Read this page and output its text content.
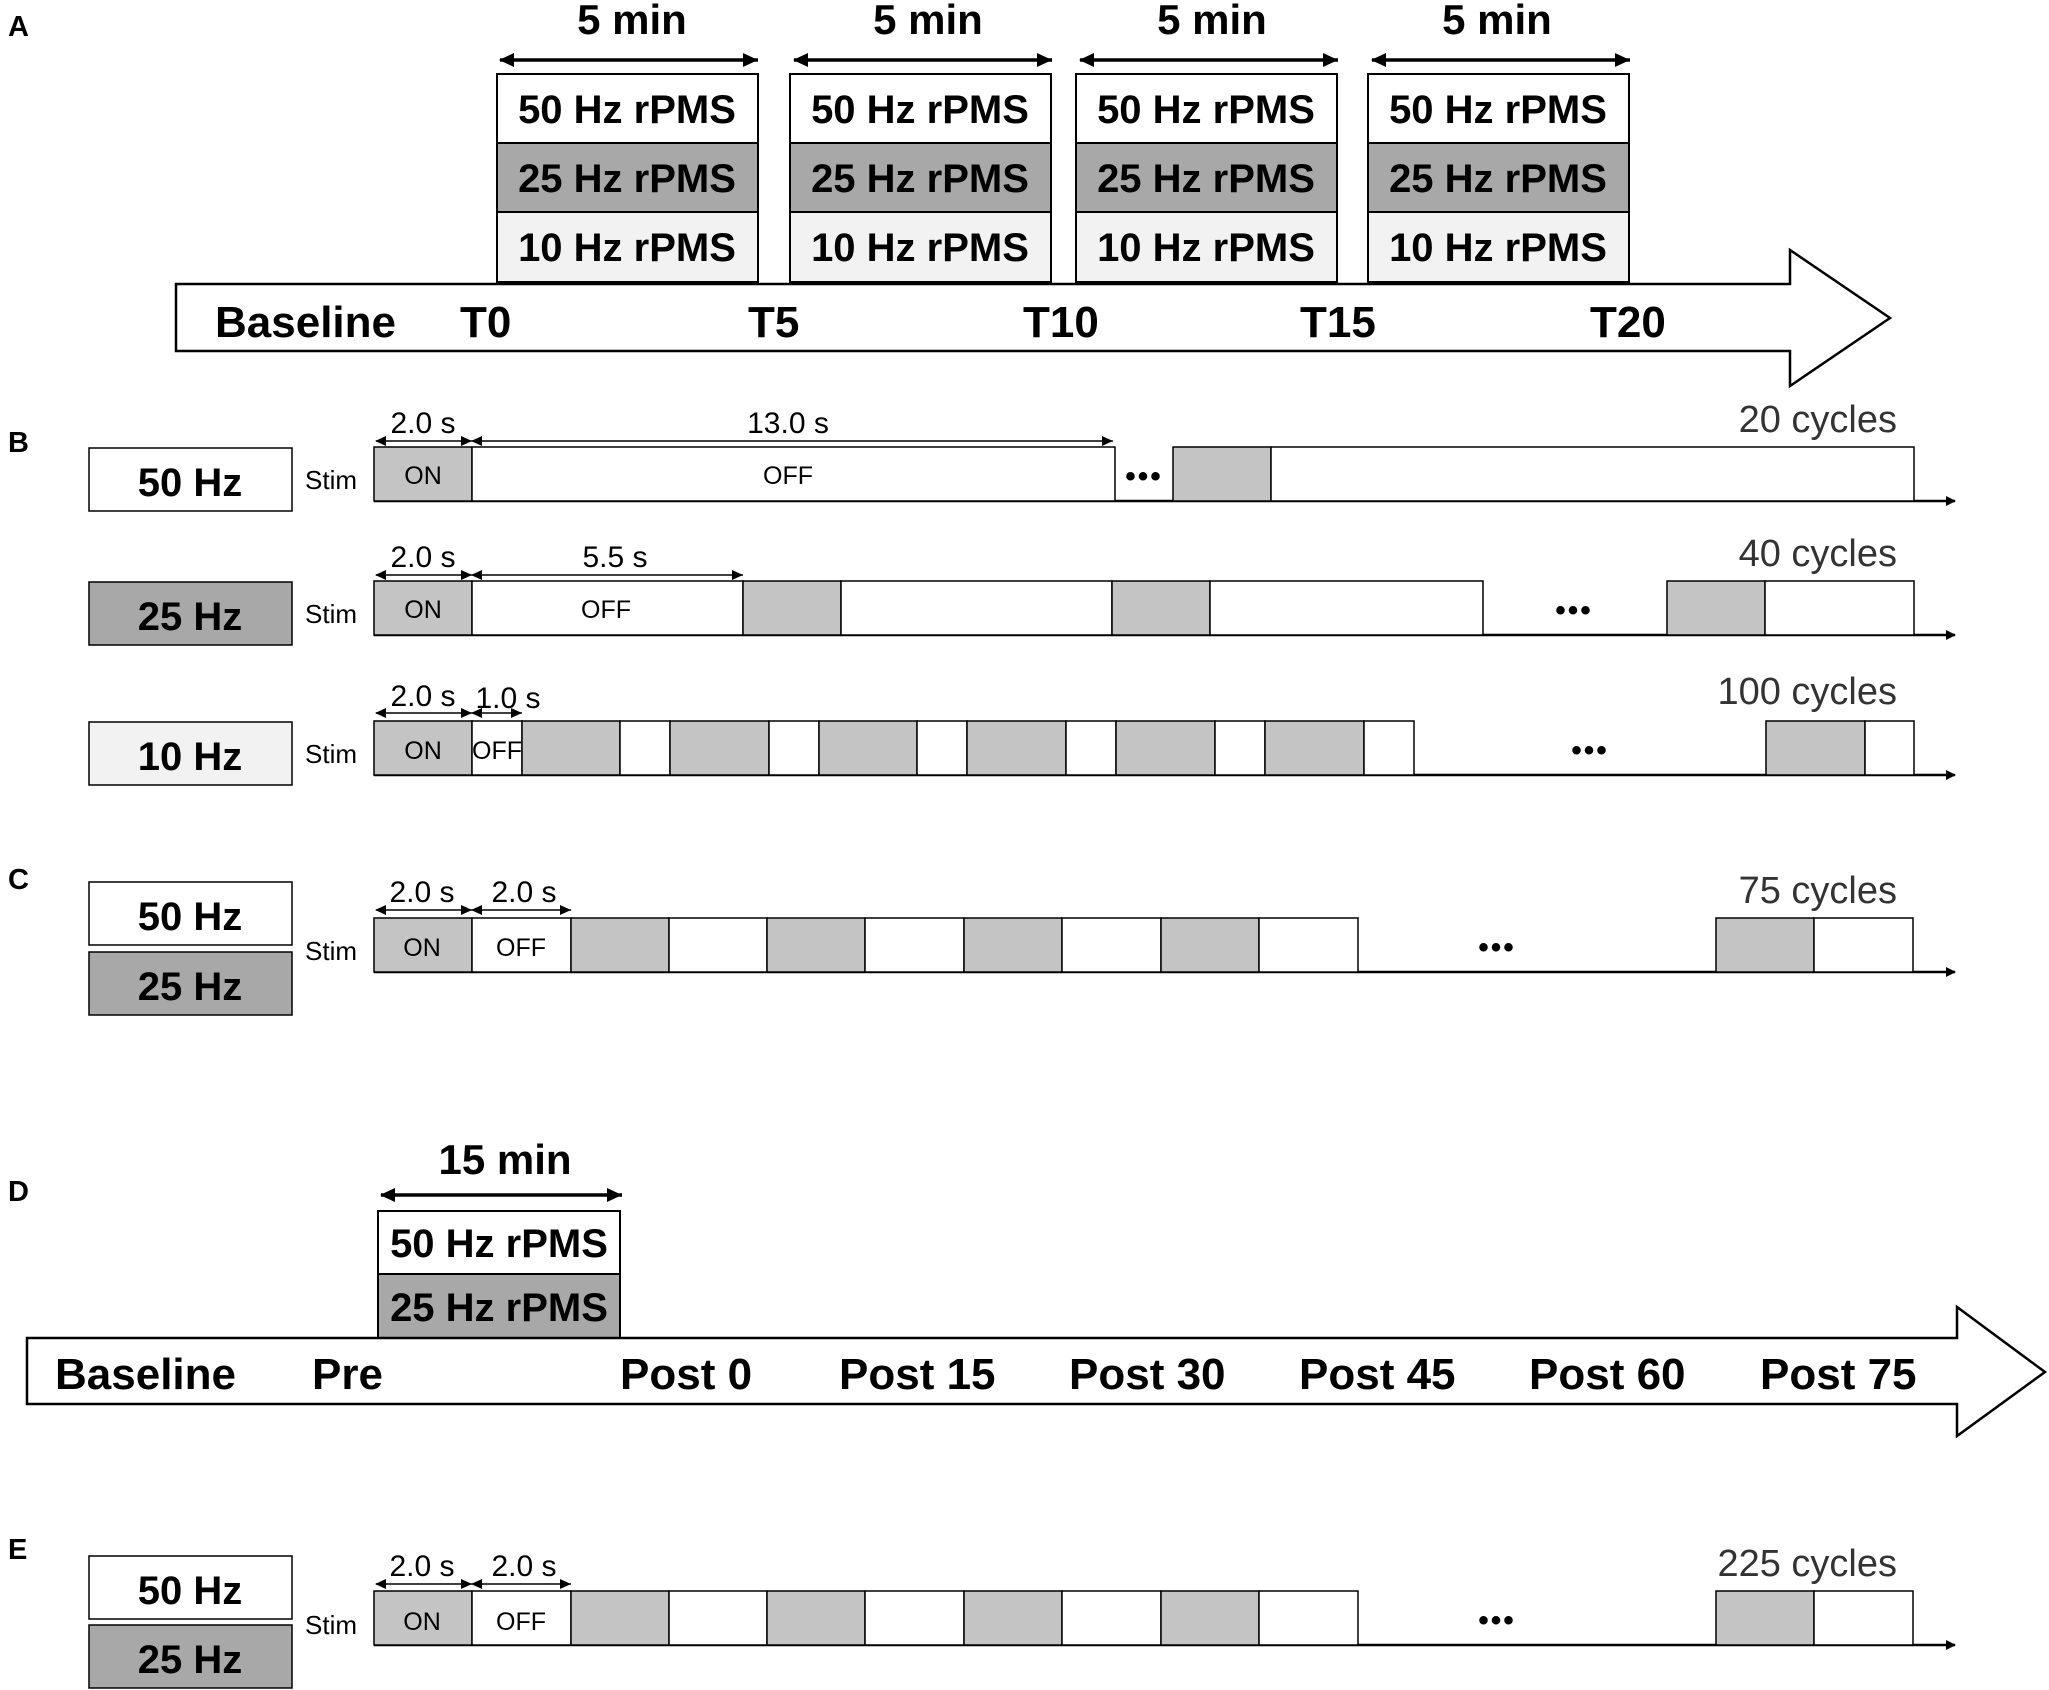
A
Baseline T0	T5	T10	T15	T20
5 min
50 Hz rPMS
25 Hz rPMS
10 Hz rPMS
5 min
50 Hz rPMS
25 Hz rPMS
10 Hz rPMS
5 min
50 Hz rPMS
25 Hz rPMS
10 Hz rPMS
5 min
50 Hz rPMS
25 Hz rPMS
10 Hz rPMS
B
50 Hz Stim
2.0 s	13.0 s
ON	OFF	•••
20 cycles
25 Hz Stim
2.0 s	5.5 s
ON	OFF	•••
40 cycles
10 Hz Stim
2.0 s 1.0 s
ON OFF	•••
100 cycles
C
50 Hz
25 Hz
Stim
2.0 s 2.0 s
ON OFF	•••
75 cycles
D
15 min
50 Hz rPMS
25 Hz rPMS
Baseline Pre	Post 0 Post 15 Post 30 Post 45 Post 60 Post 75
E
50 Hz
Stim
25 Hz
2.0 s 2.0 s
ON OFF	•••
225 cycles
